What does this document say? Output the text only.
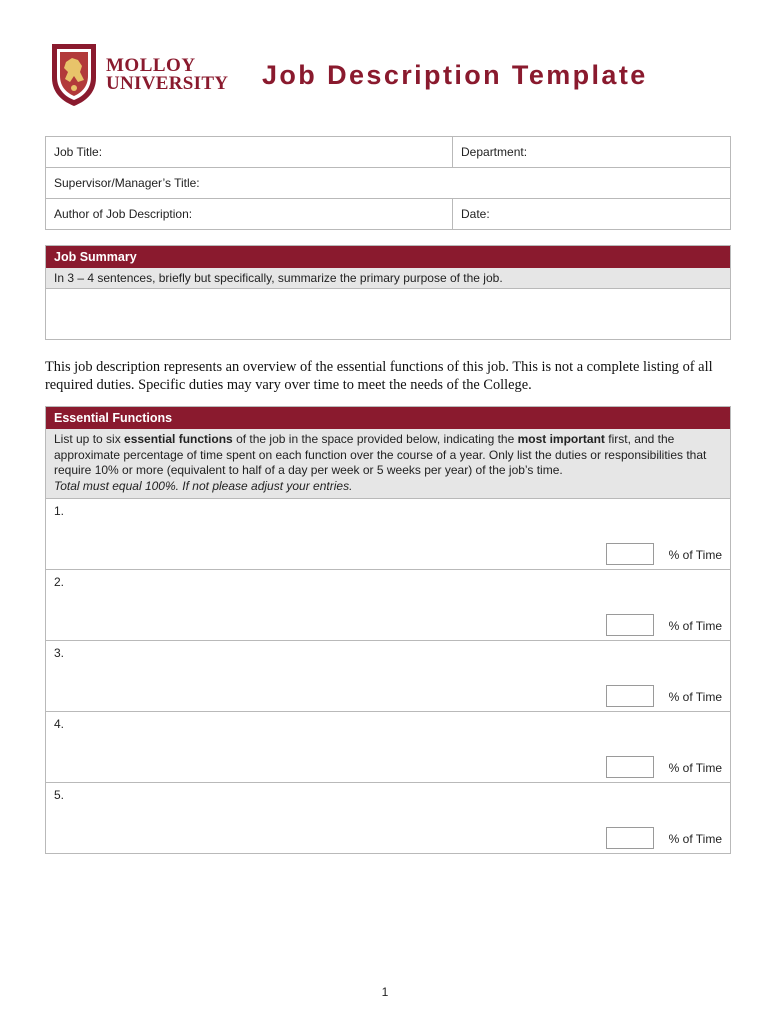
MOLLOY
UNIVERSITY Job Description Template
Job Title:	Department:
Supervisor/Manager’s Title:	
Author of Job Description:	Date:
Job Summary
In 3 – 4 sentences, briefly but specifically, summarize the primary purpose of the job.
This job description represents an overview of the essential functions of this job. This is not a complete listing of all required duties. Specific duties may vary over time to meet the needs of the College.
Essential Functions
List up to six essential functions of the job in the space provided below, indicating the most important first, and the approximate percentage of time spent on each function over the course of a year. Only list the duties or responsibilities that require 10% or more (equivalent to half of a day per week or 5 weeks per year) of the job’s time.
Total must equal 100%. If not please adjust your entries.
1.
% of Time
2.
% of Time
3.
% of Time
4.
% of Time
5.
% of Time
1
